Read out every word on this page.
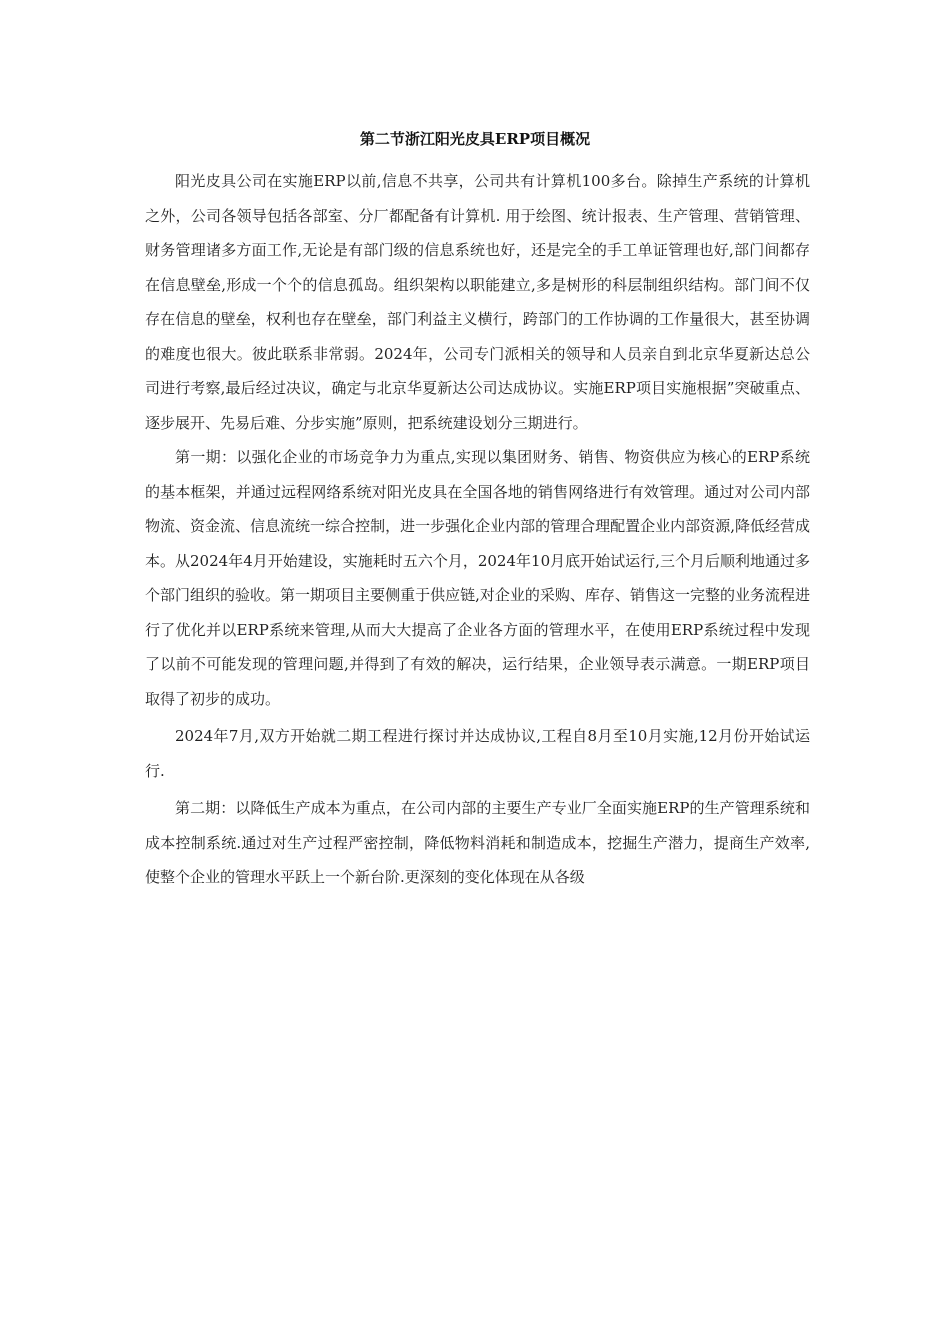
第二节浙江阳光皮具ERP项目概况

阳光皮具公司在实施ERP以前,信息不共享，公司共有计算机100多台。除掉生产系统的计算机之外，公司各领导包括各部室、分厂都配备有计算机. 用于绘图、统计报表、生产管理、营销管理、财务管理诸多方面工作,无论是有部门级的信息系统也好，还是完全的手工单证管理也好,部门间都存在信息壁垒,形成一个个的信息孤岛。组织架构以职能建立,多是树形的科层制组织结构。部门间不仅存在信息的壁垒，权利也存在壁垒，部门利益主义横行，跨部门的工作协调的工作量很大，甚至协调的难度也很大。彼此联系非常弱。2024年，公司专门派相关的领导和人员亲自到北京华夏新达总公司进行考察,最后经过决议，确定与北京华夏新达公司达成协议。实施ERP项目实施根据”突破重点、逐步展开、先易后难、分步实施”原则，把系统建设划分三期进行。

第一期：以强化企业的市场竞争力为重点,实现以集团财务、销售、物资供应为核心的ERP系统的基本框架，并通过远程网络系统对阳光皮具在全国各地的销售网络进行有效管理。通过对公司内部物流、资金流、信息流统一综合控制，进一步强化企业内部的管理合理配置企业内部资源,降低经营成本。从2024年4月开始建设，实施耗时五六个月，2024年10月底开始试运行,三个月后顺利地通过多个部门组织的验收。第一期项目主要侧重于供应链,对企业的采购、库存、销售这一完整的业务流程进行了优化并以ERP系统来管理,从而大大提高了企业各方面的管理水平，在使用ERP系统过程中发现了以前不可能发现的管理问题,并得到了有效的解决，运行结果，企业领导表示满意。一期ERP项目取得了初步的成功。

2024年7月,双方开始就二期工程进行探讨并达成协议,工程自8月至10月实施,12月份开始试运行.

第二期：以降低生产成本为重点，在公司内部的主要生产专业厂全面实施ERP的生产管理系统和成本控制系统.通过对生产过程严密控制，降低物料消耗和制造成本，挖掘生产潜力，提商生产效率,使整个企业的管理水平跃上一个新台阶.更深刻的变化体现在从各级
